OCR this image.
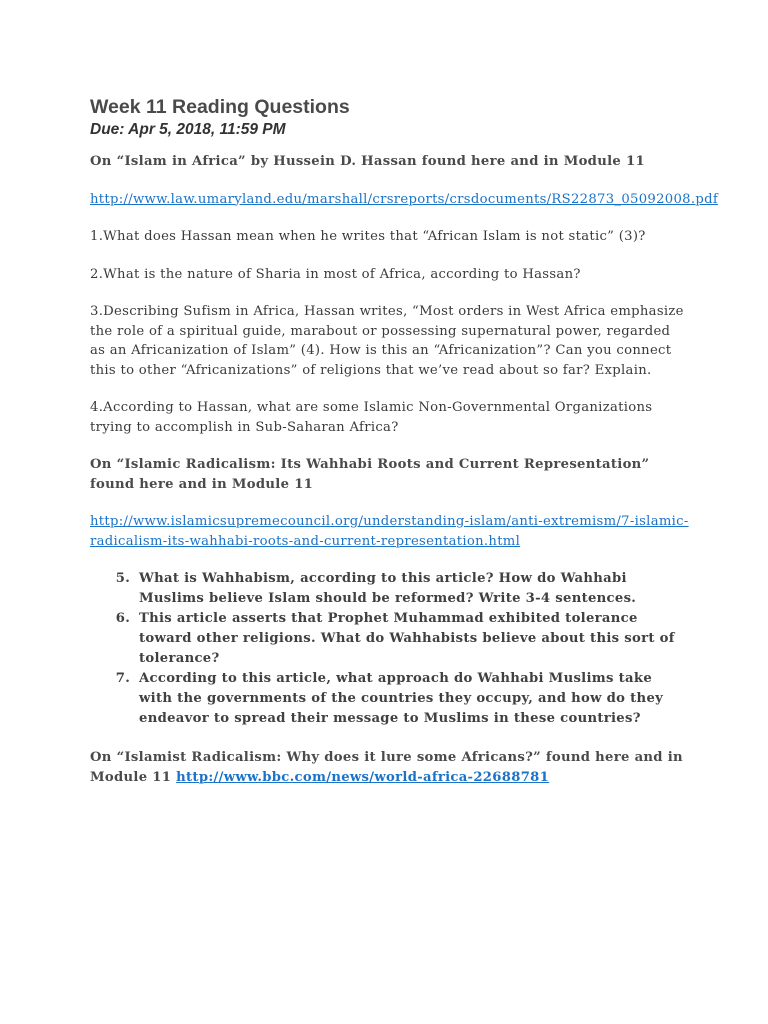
Week 11 Reading Questions
Due: Apr 5, 2018, 11:59 PM

On “Islam in Africa” by Hussein D. Hassan found here and in Module 11

http://www.law.umaryland.edu/marshall/crsreports/crsdocuments/RS22873_05092008.pdf

1.What does Hassan mean when he writes that “African Islam is not static” (3)?

2.What is the nature of Sharia in most of Africa, according to Hassan?

3.Describing Sufism in Africa, Hassan writes, “Most orders in West Africa emphasize the role of a spiritual guide, marabout or possessing supernatural power, regarded as an Africanization of Islam” (4). How is this an “Africanization”? Can you connect this to other “Africanizations” of religions that we’ve read about so far? Explain.

4.According to Hassan, what are some Islamic Non-Governmental Organizations trying to accomplish in Sub-Saharan Africa?

On “Islamic Radicalism: Its Wahhabi Roots and Current Representation” found here and in Module 11

http://www.islamicsupremecouncil.org/understanding-islam/anti-extremism/7-islamic-radicalism-its-wahhabi-roots-and-current-representation.html

5. What is Wahhabism, according to this article? How do Wahhabi Muslims believe Islam should be reformed? Write 3-4 sentences.
6. This article asserts that Prophet Muhammad exhibited tolerance toward other religions. What do Wahhabists believe about this sort of tolerance?
7. According to this article, what approach do Wahhabi Muslims take with the governments of the countries they occupy, and how do they endeavor to spread their message to Muslims in these countries?

On “Islamist Radicalism: Why does it lure some Africans?” found here and in Module 11 http://www.bbc.com/news/world-africa-22688781
